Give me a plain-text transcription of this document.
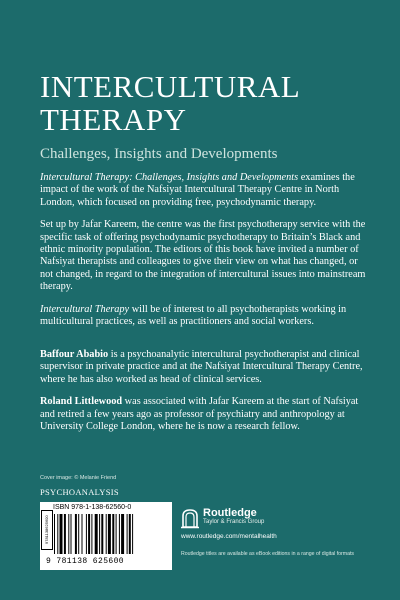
INTERCULTURAL
THERAPY
Challenges, Insights and Developments

Intercultural Therapy: Challenges, Insights and Developments examines the impact of the work of the Nafsiyat Intercultural Therapy Centre in North London, which focused on providing free, psychodynamic therapy.

Set up by Jafar Kareem, the centre was the first psychotherapy service with the specific task of offering psychodynamic psychotherapy to Britain’s Black and ethnic minority population. The editors of this book have invited a number of Nafsiyat therapists and colleagues to give their view on what has changed, or not changed, in regard to the integration of intercultural issues into mainstream therapy.

Intercultural Therapy will be of interest to all psychotherapists working in multicultural practices, as well as practitioners and social workers.

Baffour Ababio is a psychoanalytic intercultural psychotherapist and clinical supervisor in private practice and at the Nafsiyat Intercultural Therapy Centre, where he has also worked as head of clinical services.

Roland Littlewood was associated with Jafar Kareem at the start of Nafsiyat and retired a few years ago as professor of psychiatry and anthropology at University College London, where he is now a research fellow.

Cover image: © Melanie Friend
PSYCHOANALYSIS
ISBN 978-1-138-62560-0
9781138625600
9 781138 625600
Routledge
Taylor & Francis Group
www.routledge.com/mentalhealth
Routledge titles are available as eBook editions in a range of digital formats
